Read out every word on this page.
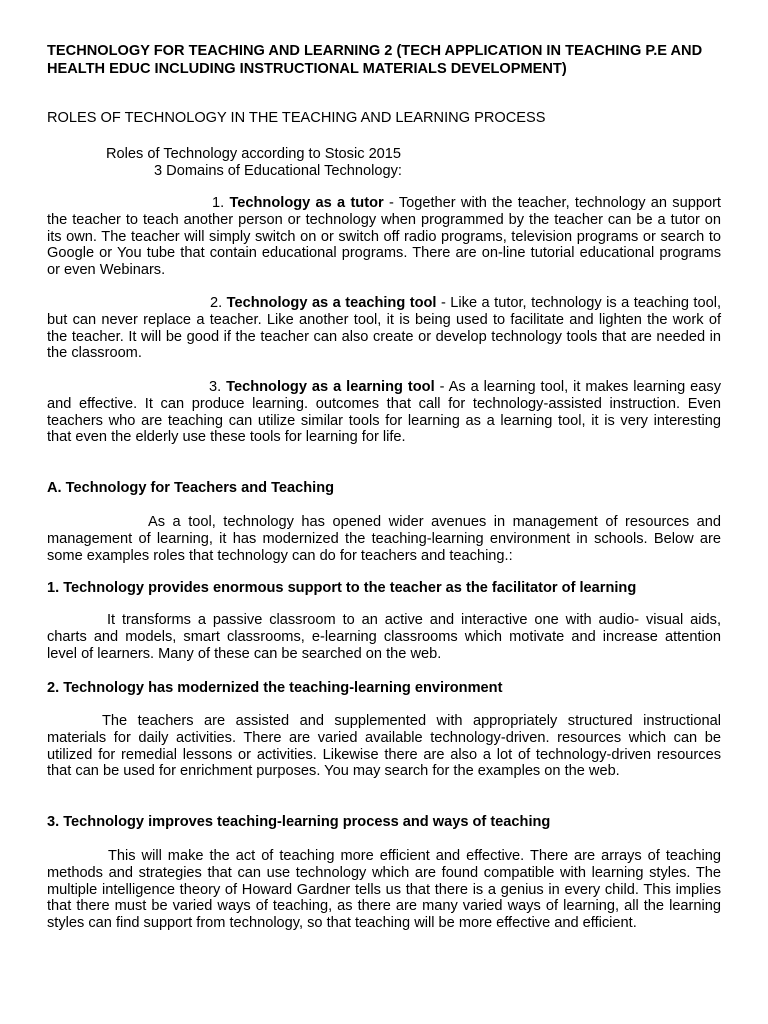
TECHNOLOGY FOR TEACHING AND LEARNING 2 (TECH APPLICATION IN TEACHING P.E AND HEALTH EDUC INCLUDING INSTRUCTIONAL MATERIALS DEVELOPMENT)
ROLES OF TECHNOLOGY IN THE TEACHING AND LEARNING PROCESS
Roles of Technology according to Stosic 2015
3 Domains of Educational Technology:

1. Technology as a tutor - Together with the teacher, technology an support the teacher to teach another person or technology when programmed by the teacher can be a tutor on its own. The teacher will simply switch on or switch off radio programs, television programs or search to Google or You tube that contain educational programs. There are on-line tutorial educational programs or even Webinars.

2. Technology as a teaching tool - Like a tutor, technology is a teaching tool, but can never replace a teacher. Like another tool, it is being used to facilitate and lighten the work of the teacher. It will be good if the teacher can also create or develop technology tools that are needed in the classroom.

3. Technology as a learning tool - As a learning tool, it makes learning easy and effective. It can produce learning. outcomes that call for technology-assisted instruction. Even teachers who are teaching can utilize similar tools for learning as a learning tool, it is very interesting that even the elderly use these tools for learning for life.

A. Technology for Teachers and Teaching

As a tool, technology has opened wider avenues in management of resources and management of learning, it has modernized the teaching-learning environment in schools. Below are some examples roles that technology can do for teachers and teaching.:

1. Technology provides enormous support to the teacher as the facilitator of learning

It transforms a passive classroom to an active and interactive one with audio- visual aids, charts and models, smart classrooms, e-learning classrooms which motivate and increase attention level of learners. Many of these can be searched on the web.

2. Technology has modernized the teaching-learning environment

The teachers are assisted and supplemented with appropriately structured instructional materials for daily activities. There are varied available technology-driven. resources which can be utilized for remedial lessons or activities. Likewise there are also a lot of technology-driven resources that can be used for enrichment purposes. You may search for the examples on the web.

3. Technology improves teaching-learning process and ways of teaching

This will make the act of teaching more efficient and effective. There are arrays of teaching methods and strategies that can use technology which are found compatible with learning styles. The multiple intelligence theory of Howard Gardner tells us that there is a genius in every child. This implies that there must be varied ways of teaching, as there are many varied ways of learning, all the learning styles can find support from technology, so that teaching will be more effective and efficient.
